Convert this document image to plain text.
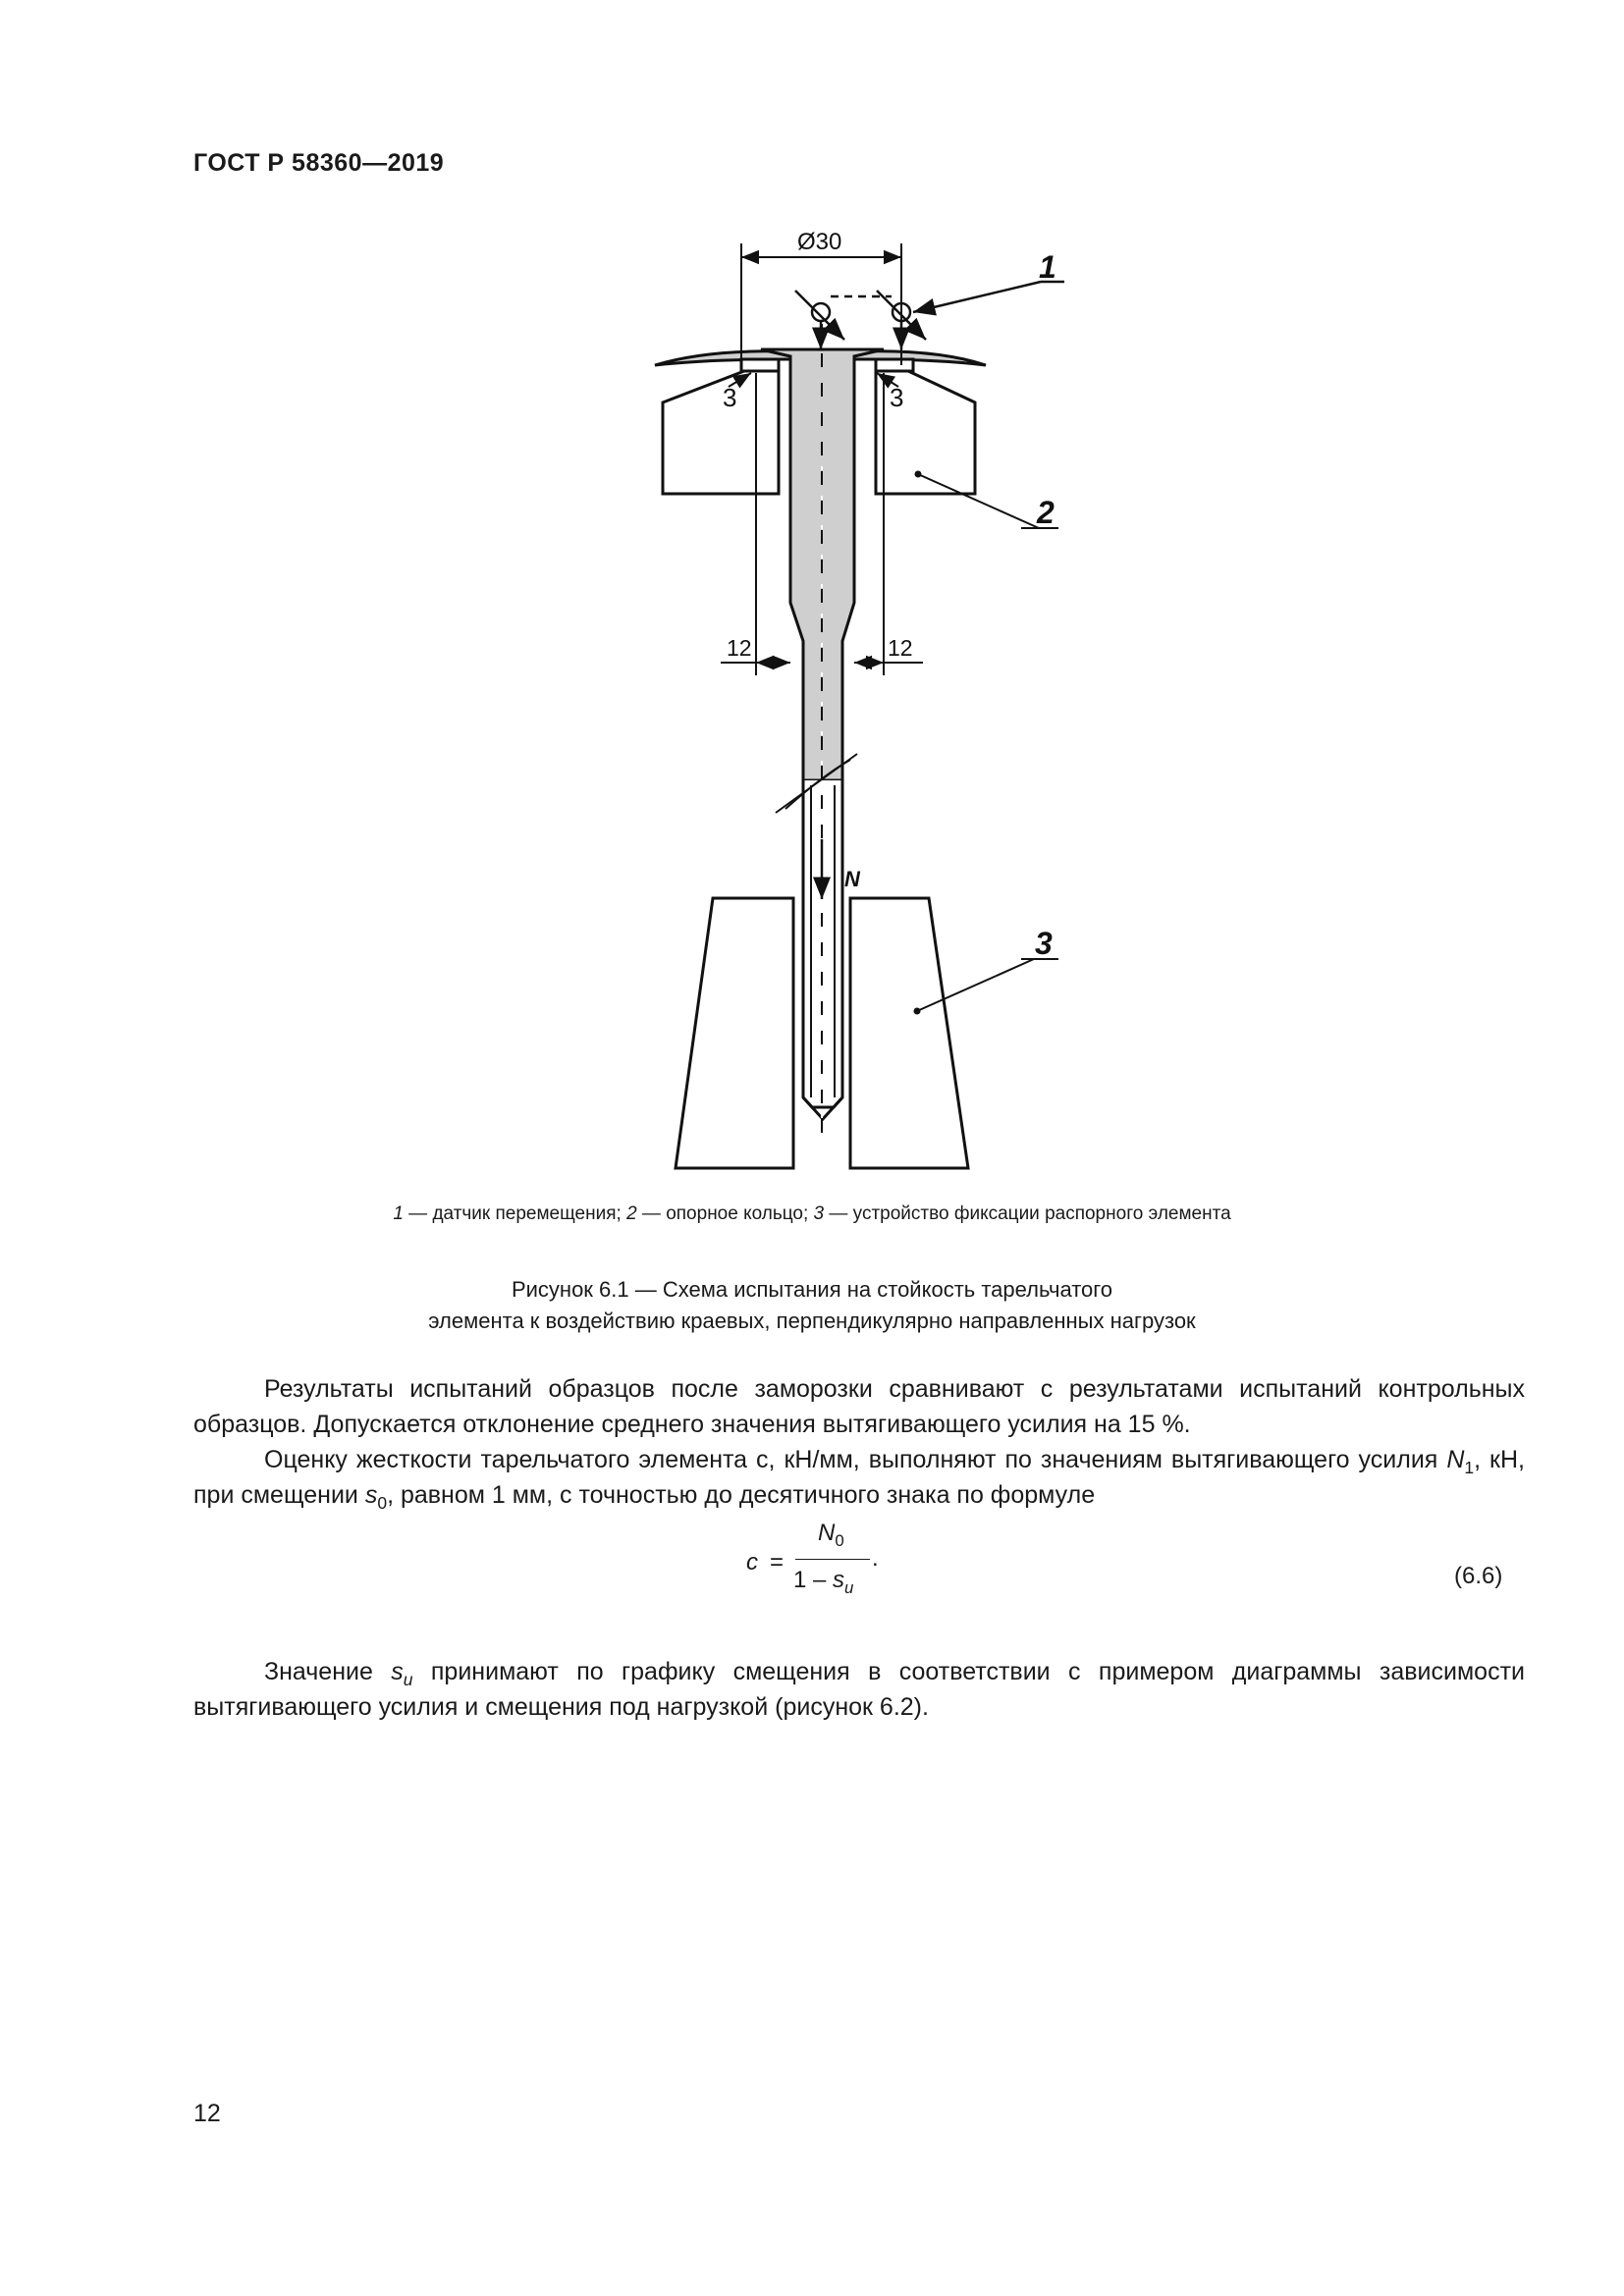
ГОСТ Р 58360—2019
Ø30
1
3	3
2
12	12
N
3
1 — датчик перемещения; 2 — опорное кольцо; 3 — устройство фиксации распорного элемента
Рисунок 6.1 — Схема испытания на стойкость тарельчатого
элемента к воздействию краевых, перпендикулярно направленных нагрузок
Результаты испытаний образцов после заморозки сравнивают с результатами испытаний контрольных образцов. Допускается отклонение среднего значения вытягивающего усилия на 15 %.
Оценку жесткости тарельчатого элемента с, кН/мм, выполняют по значениям вытягивающего усилия $N_1$, кН, при смещении $s_0$, равном 1 мм, с точностью до десятичного знака по формуле
c =
$N_0$
$1 - s_u$
.
(6.6)
Значение $s_u$ принимают по графику смещения в соответствии с примером диаграммы зависимости вытягивающего усилия и смещения под нагрузкой (рисунок 6.2).
12
